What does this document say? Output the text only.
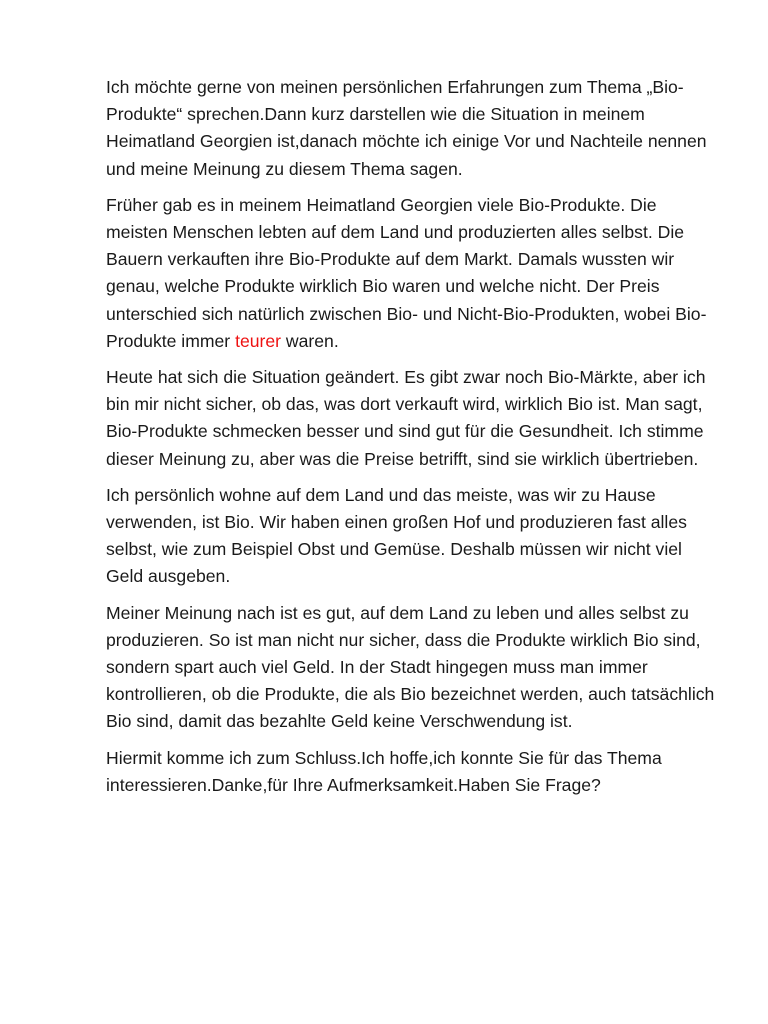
Ich möchte gerne von meinen persönlichen Erfahrungen zum Thema „Bio-Produkte“ sprechen.Dann kurz darstellen wie die Situation in meinem Heimatland Georgien ist,danach möchte ich einige Vor und Nachteile nennen und meine Meinung zu diesem Thema sagen.

Früher gab es in meinem Heimatland Georgien viele Bio-Produkte. Die meisten Menschen lebten auf dem Land und produzierten alles selbst. Die Bauern verkauften ihre Bio-Produkte auf dem Markt. Damals wussten wir genau, welche Produkte wirklich Bio waren und welche nicht. Der Preis unterschied sich natürlich zwischen Bio- und Nicht-Bio-Produkten, wobei Bio-Produkte immer teurer waren.

Heute hat sich die Situation geändert. Es gibt zwar noch Bio-Märkte, aber ich bin mir nicht sicher, ob das, was dort verkauft wird, wirklich Bio ist. Man sagt, Bio-Produkte schmecken besser und sind gut für die Gesundheit. Ich stimme dieser Meinung zu, aber was die Preise betrifft, sind sie wirklich übertrieben.

Ich persönlich wohne auf dem Land und das meiste, was wir zu Hause verwenden, ist Bio. Wir haben einen großen Hof und produzieren fast alles selbst, wie zum Beispiel Obst und Gemüse. Deshalb müssen wir nicht viel Geld ausgeben.

Meiner Meinung nach ist es gut, auf dem Land zu leben und alles selbst zu produzieren. So ist man nicht nur sicher, dass die Produkte wirklich Bio sind, sondern spart auch viel Geld. In der Stadt hingegen muss man immer kontrollieren, ob die Produkte, die als Bio bezeichnet werden, auch tatsächlich Bio sind, damit das bezahlte Geld keine Verschwendung ist.

Hiermit komme ich zum Schluss.Ich hoffe,ich konnte Sie für das Thema interessieren.Danke,für Ihre Aufmerksamkeit.Haben Sie Frage?
